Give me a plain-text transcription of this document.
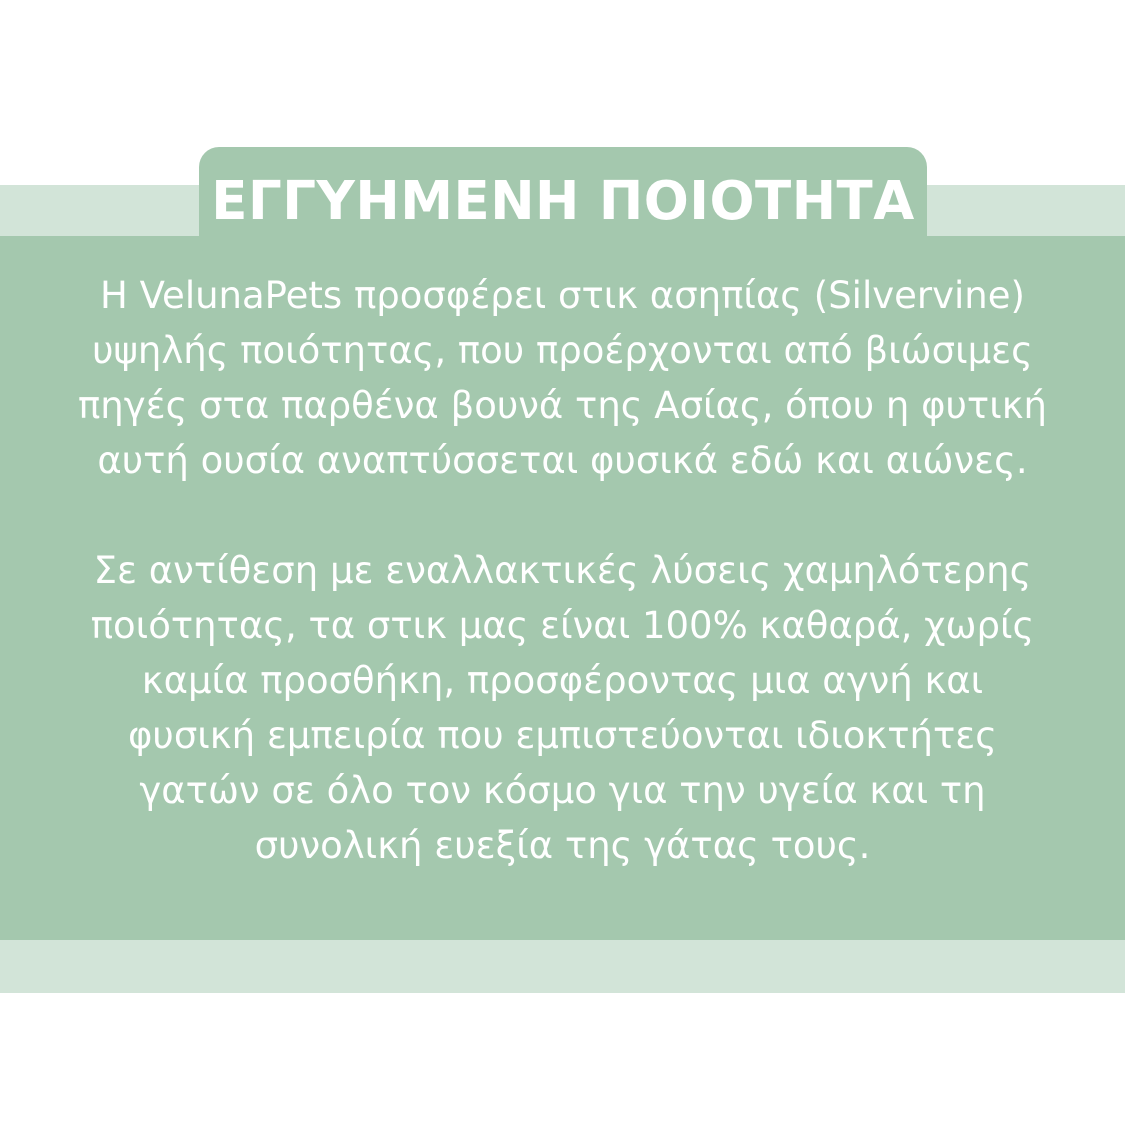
ΕΓΓΥΗΜΕΝΗ ΠΟΙΟΤΗΤΑ

Η VelunaPets προσφέρει στικ ασηπίας (Silvervine)
υψηλής ποιότητας, που προέρχονται από βιώσιμες
πηγές στα παρθένα βουνά της Ασίας, όπου η φυτική
αυτή ουσία αναπτύσσεται φυσικά εδώ και αιώνες.

Σε αντίθεση με εναλλακτικές λύσεις χαμηλότερης
ποιότητας, τα στικ μας είναι 100% καθαρά, χωρίς
καμία προσθήκη, προσφέροντας μια αγνή και
φυσική εμπειρία που εμπιστεύονται ιδιοκτήτες
γατών σε όλο τον κόσμο για την υγεία και τη
συνολική ευεξία της γάτας τους.
